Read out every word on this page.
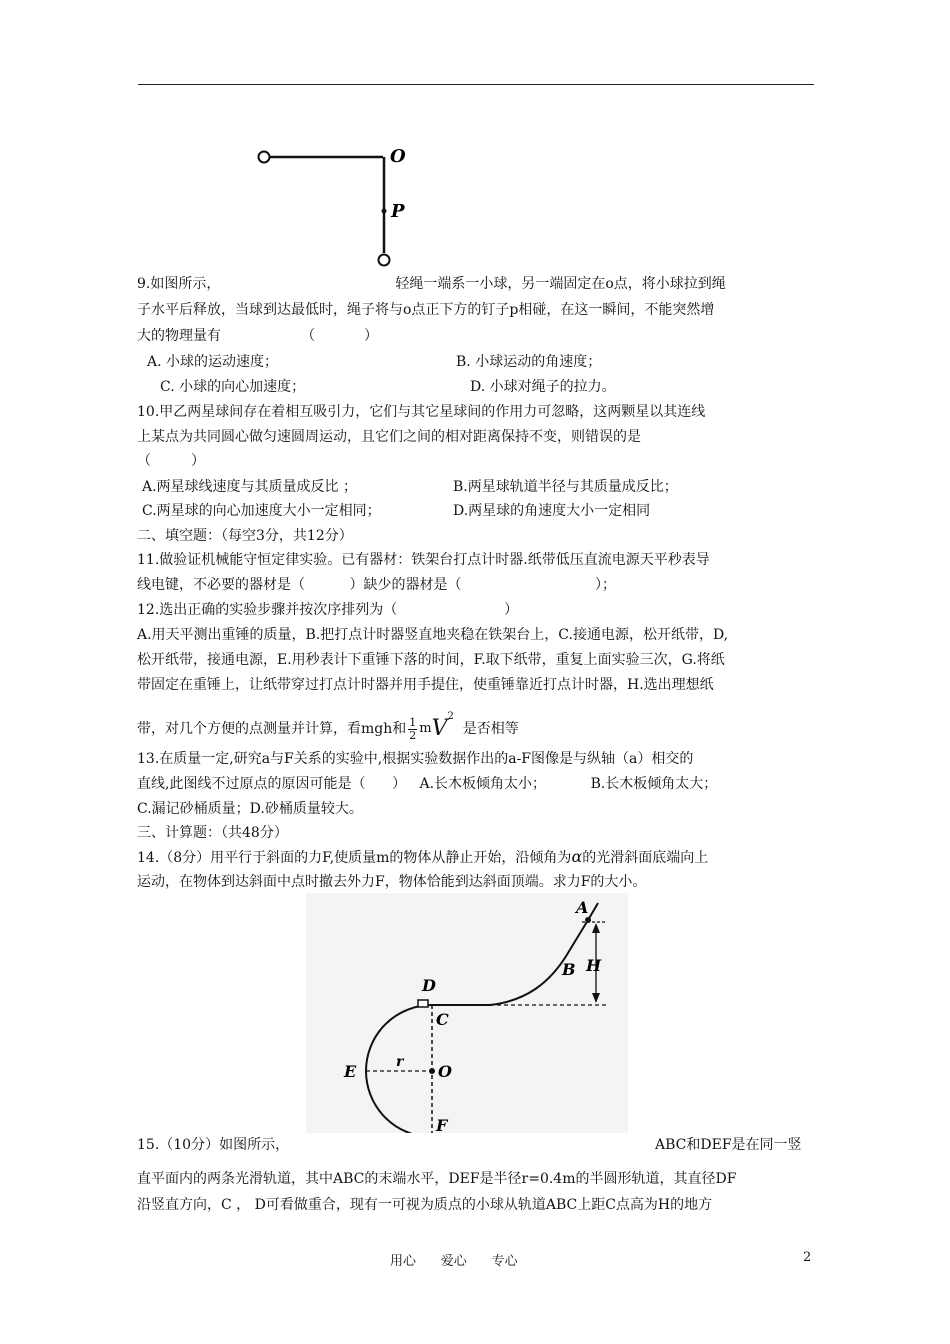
O
P
9.如图所示，	轻绳一端系一小球，另一端固定在o点，将小球拉到绳
子水平后释放，当球到达最低时，绳子将与o点正下方的钉子p相碰，在这一瞬间，不能突然增
大的物理量有                  （           ）
A. 小球的运动速度；	B. 小球运动的角速度；
C. 小球的向心加速度；	D. 小球对绳子的拉力。
10.甲乙两星球间存在着相互吸引力，它们与其它星球间的作用力可忽略，这两颗星以其连线
上某点为共同圆心做匀速圆周运动，且它们之间的相对距离保持不变，则错误的是
（         ）
A.两星球线速度与其质量成反比 ；	B.两星球轨道半径与其质量成反比；
C.两星球的向心加速度大小一定相同；	D.两星球的角速度大小一定相同
二、填空题：（每空3分，共12分）
11.做验证机械能守恒定律实验。已有器材：铁架台打点计时器.纸带低压直流电源天平秒表导
线电键，不必要的器材是（          ）缺少的器材是（                              ）；
12.选出正确的实验步骤并按次序排列为（                        ）
A.用天平测出重锤的质量，B.把打点计时器竖直地夹稳在铁架台上，C.接通电源，松开纸带，D,
松开纸带，接通电源，E.用秒表计下重锤下落的时间，F.取下纸带，重复上面实验三次，G.将纸
带固定在重锤上，让纸带穿过打点计时器并用手提住，使重锤靠近打点计时器，H.选出理想纸
带，对几个方便的点测量并计算，看mgh和 $\frac{1}{2} mV^2$  是否相等
13.在质量一定,研究a与F关系的实验中,根据实验数据作出的a-F图像是与纵轴（a）相交的
直线,此图线不过原点的原因可能是（      ）   A.长木板倾角太小；          B.长木板倾角太大；
C.漏记砂桶质量；D.砂桶质量较大。
三、计算题：（共48分）
14.（8分）用平行于斜面的力F,使质量m的物体从静止开始，沿倾角为α的光滑斜面底端向上
运动，在物体到达斜面中点时撤去外力F，物体恰能到达斜面顶端。求力F的大小。
A
B H
D
C
E	r O
F
15.（10分）如图所示，	ABC和DEF是在同一竖
直平面内的两条光滑轨道，其中ABC的末端水平，DEF是半径r=0.4m的半圆形轨道，其直径DF
沿竖直方向，C ， D可看做重合，现有一可视为质点的小球从轨道ABC上距C点高为H的地方
用心      爱心      专心	2
